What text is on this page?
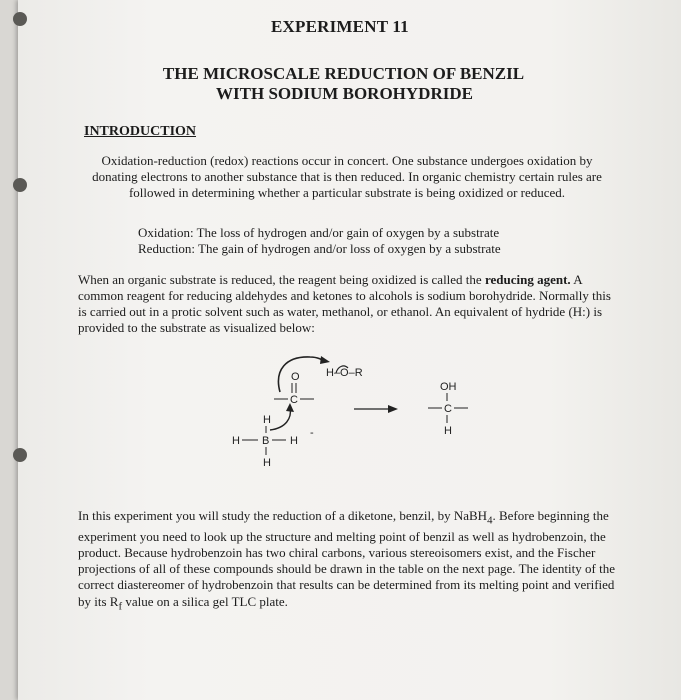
EXPERIMENT 11
THE MICROSCALE REDUCTION OF BENZIL
WITH SODIUM BOROHYDRIDE
INTRODUCTION
Oxidation-reduction (redox) reactions occur in concert. One substance undergoes oxidation by donating electrons to another substance that is then reduced. In organic chemistry certain rules are followed in determining whether a particular substrate is being oxidized or reduced.
Oxidation: The loss of hydrogen and/or gain of oxygen by a substrate
Reduction: The gain of hydrogen and/or loss of oxygen by a substrate
When an organic substrate is reduced, the reagent being oxidized is called the reducing agent. A common reagent for reducing aldehydes and ketones to alcohols is sodium borohydride. Normally this is carried out in a protic solvent such as water, methanol, or ethanol. An equivalent of hydride (H:) is provided to the substrate as visualized below:
H–O–R
O
C
H
H B H
H
-
OH
C
H
In this experiment you will study the reduction of a diketone, benzil, by NaBH$_4$. Before beginning the experiment you need to look up the structure and melting point of benzil as well as hydrobenzoin, the product. Because hydrobenzoin has two chiral carbons, various stereoisomers exist, and the Fischer projections of all of these compounds should be drawn in the table on the next page. The identity of the correct diastereomer of hydrobenzoin that results can be determined from its melting point and verified by its $R_f$ value on a silica gel TLC plate.
